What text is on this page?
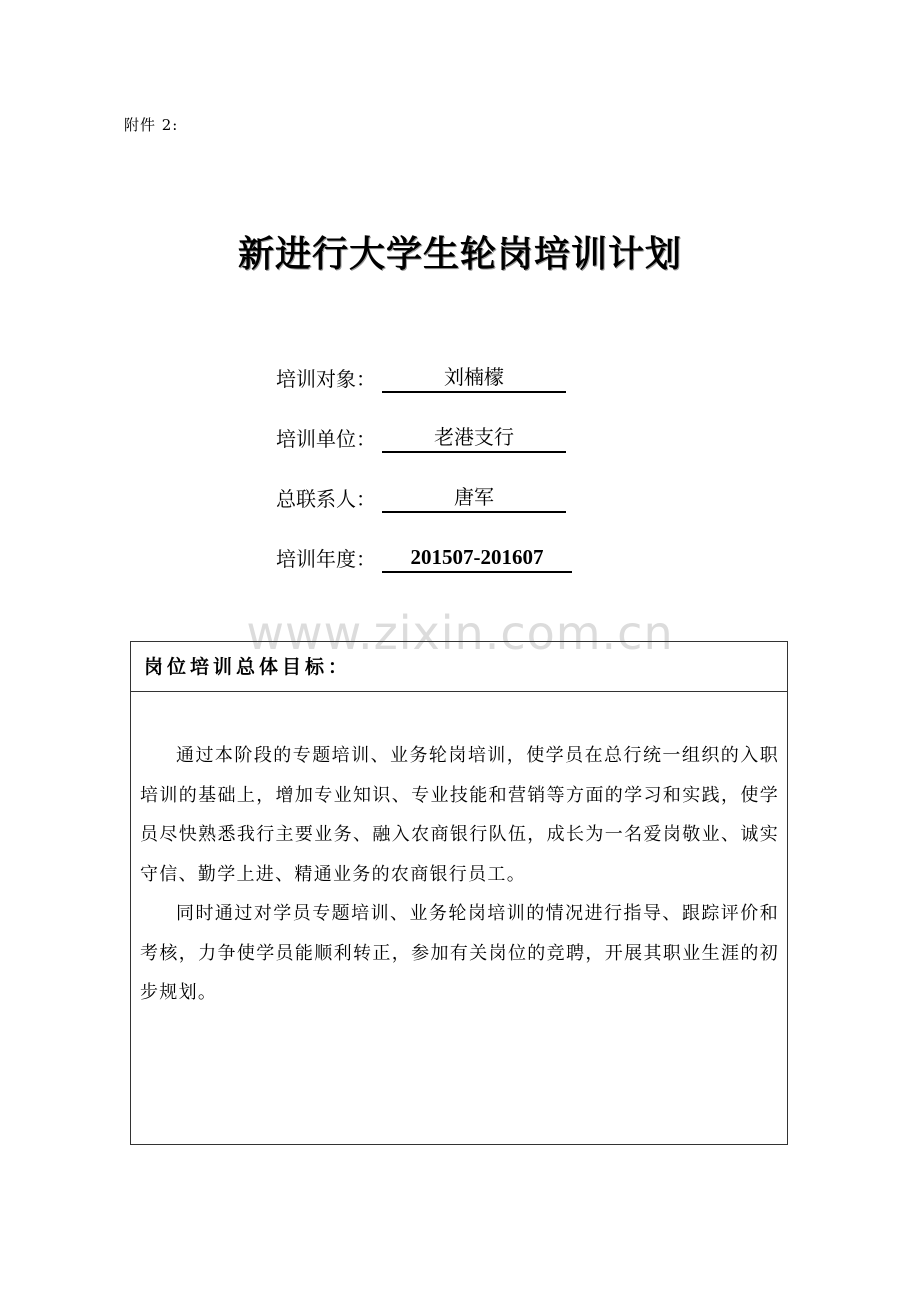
附件 2:
新进行大学生轮岗培训计划
培训对象：	刘楠檬
培训单位：	老港支行
总联系人：	唐军
培训年度： 201507-201607
www.zixin.com.cn
岗位培训总体目标：

通过本阶段的专题培训、业务轮岗培训，使学员在总行统一组织的入职培训的基础上，增加专业知识、专业技能和营销等方面的学习和实践，使学员尽快熟悉我行主要业务、融入农商银行队伍，成长为一名爱岗敬业、诚实守信、勤学上进、精通业务的农商银行员工。

同时通过对学员专题培训、业务轮岗培训的情况进行指导、跟踪评价和考核，力争使学员能顺利转正，参加有关岗位的竞聘，开展其职业生涯的初步规划。
